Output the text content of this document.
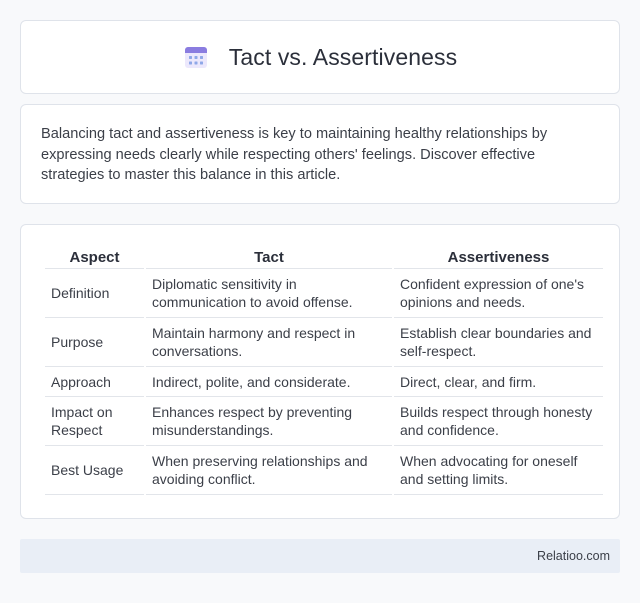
Tact vs. Assertiveness

Balancing tact and assertiveness is key to maintaining healthy relationships by expressing needs clearly while respecting others' feelings. Discover effective strategies to master this balance in this article.

Aspect	Tact	Assertiveness
Definition	Diplomatic sensitivity in communication to avoid offense.	Confident expression of one's opinions and needs.
Purpose	Maintain harmony and respect in conversations.	Establish clear boundaries and self-respect.
Approach	Indirect, polite, and considerate.	Direct, clear, and firm.
Impact on Respect	Enhances respect by preventing misunderstandings.	Builds respect through honesty and confidence.
Best Usage	When preserving relationships and avoiding conflict.	When advocating for oneself and setting limits.
Relatioo.com
